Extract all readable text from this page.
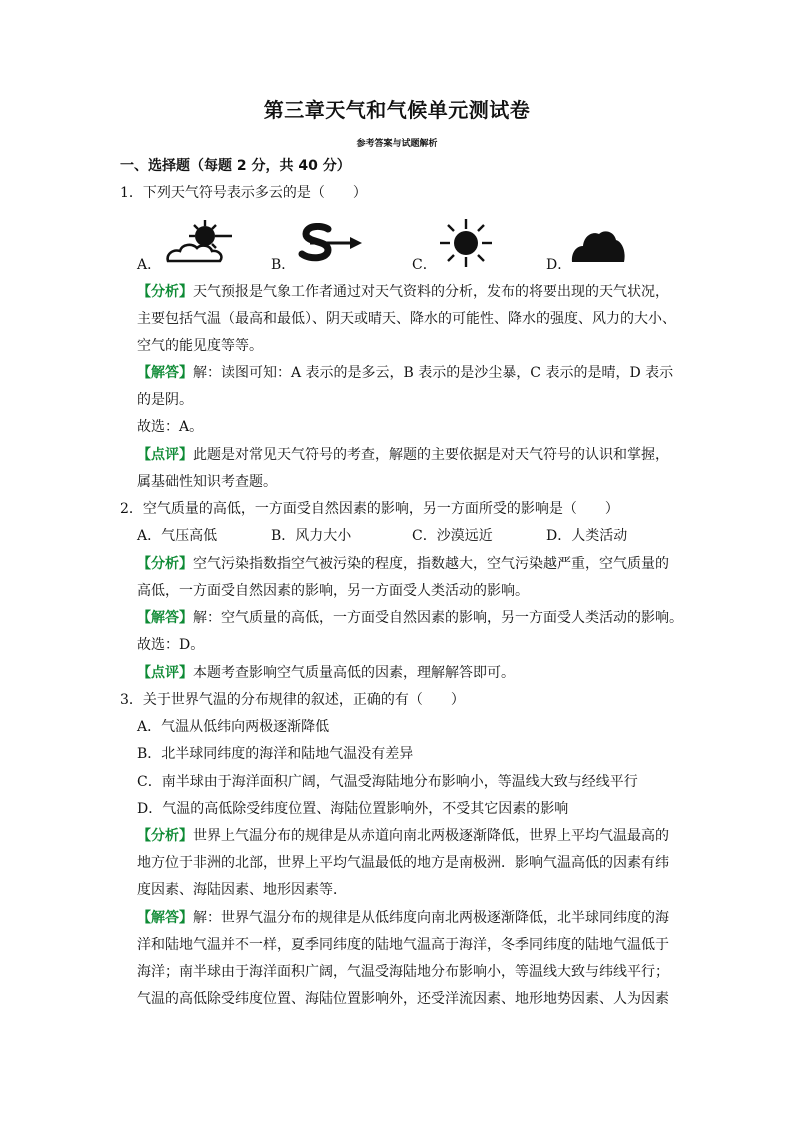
第三章天气和气候单元测试卷
参考答案与试题解析
一、选择题（每题 2 分，共 40 分）
1．下列天气符号表示多云的是（　　）
A．	B．	C．	D．
【分析】天气预报是气象工作者通过对天气资料的分析，发布的将要出现的天气状况，
主要包括气温（最高和最低）、阴天或晴天、降水的可能性、降水的强度、风力的大小、
空气的能见度等等。
【解答】解：读图可知：A 表示的是多云，B 表示的是沙尘暴，C 表示的是晴，D 表示
的是阴。
故选：A。
【点评】此题是对常见天气符号的考查，解题的主要依据是对天气符号的认识和掌握，
属基础性知识考查题。
2．空气质量的高低，一方面受自然因素的影响，另一方面所受的影响是（　　）
A．气压高低	B．风力大小	C．沙漠远近	D．人类活动
【分析】空气污染指数指空气被污染的程度，指数越大，空气污染越严重，空气质量的
高低，一方面受自然因素的影响，另一方面受人类活动的影响。
【解答】解：空气质量的高低，一方面受自然因素的影响，另一方面受人类活动的影响。
故选：D。
【点评】本题考查影响空气质量高低的因素，理解解答即可。
3．关于世界气温的分布规律的叙述，正确的有（　　）
A．气温从低纬向两极逐渐降低
B．北半球同纬度的海洋和陆地气温没有差异
C．南半球由于海洋面积广阔，气温受海陆地分布影响小，等温线大致与经线平行
D．气温的高低除受纬度位置、海陆位置影响外，不受其它因素的影响
【分析】世界上气温分布的规律是从赤道向南北两极逐渐降低，世界上平均气温最高的
地方位于非洲的北部，世界上平均气温最低的地方是南极洲．影响气温高低的因素有纬
度因素、海陆因素、地形因素等．
【解答】解：世界气温分布的规律是从低纬度向南北两极逐渐降低，北半球同纬度的海
洋和陆地气温并不一样，夏季同纬度的陆地气温高于海洋，冬季同纬度的陆地气温低于
海洋；南半球由于海洋面积广阔，气温受海陆地分布影响小，等温线大致与纬线平行；
气温的高低除受纬度位置、海陆位置影响外，还受洋流因素、地形地势因素、人为因素
